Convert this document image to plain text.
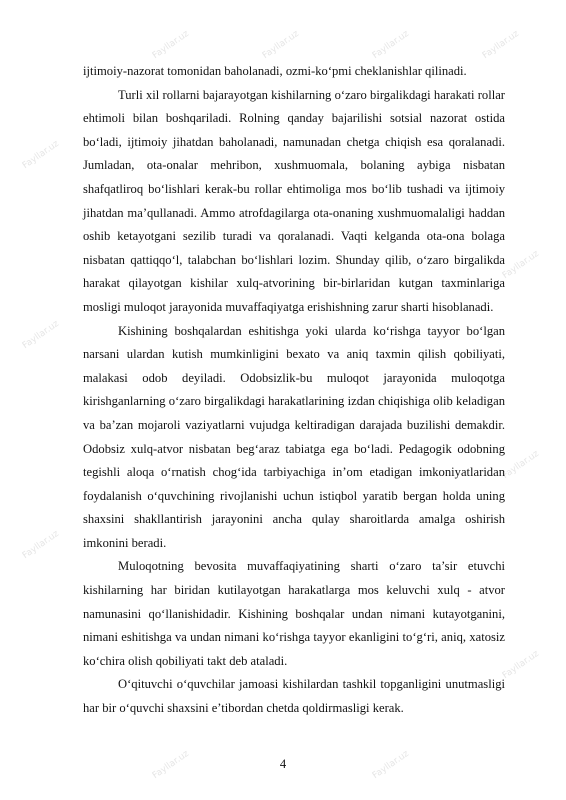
Fayllar.uz	Fayllar.uz	Fayllar.uz	Fayllar.uz
Fayllar.uz
Fayllar.uz
Fayllar.uz
Fayllar.uz
Fayllar.uz
Fayllar.uz
Fayllar.uz	Fayllar.uz

ijtimoiy-nazorat tomonidan baholanadi, ozmi-ko‘pmi cheklanishlar qilinadi.

Turli xil rollarni bajarayotgan kishilarning o‘zaro birgalikdagi harakati rollar ehtimoli bilan boshqariladi. Rolning qanday bajarilishi sotsial nazorat ostida bo‘ladi, ijtimoiy jihatdan baholanadi, namunadan chetga chiqish esa qoralanadi. Jumladan, ota-onalar mehribon, xushmuomala, bolaning aybiga nisbatan shafqatliroq bo‘lishlari kerak-bu rollar ehtimoliga mos bo‘lib tushadi va ijtimoiy jihatdan ma’qullanadi. Ammo atrofdagilarga ota-onaning xushmuomalaligi haddan oshib ketayotgani sezilib turadi va qoralanadi. Vaqti kelganda ota-ona bolaga nisbatan qattiqqo‘l, talabchan bo‘lishlari lozim. Shunday qilib, o‘zaro birgalikda harakat qilayotgan kishilar xulq-atvorining bir-birlaridan kutgan taxminlariga mosligi muloqot jarayonida muvaffaqiyatga erishishning zarur sharti hisoblanadi.

Kishining boshqalardan eshitishga yoki ularda ko‘rishga tayyor bo‘lgan narsani ulardan kutish mumkinligini bexato va aniq taxmin qilish qobiliyati, malakasi odob deyiladi. Odobsizlik-bu muloqot jarayonida muloqotga kirishganlarning o‘zaro birgalikdagi harakatlarining izdan chiqishiga olib keladigan va ba’zan mojaroli vaziyatlarni vujudga keltiradigan darajada buzilishi demakdir. Odobsiz xulq-atvor nisbatan beg‘araz tabiatga ega bo‘ladi. Pedagogik odobning tegishli aloqa o‘rnatish chog‘ida tarbiyachiga in’om etadigan imkoniyatlaridan foydalanish o‘quvchining rivojlanishi uchun istiqbol yaratib bergan holda uning shaxsini shakllantirish jarayonini ancha qulay sharoitlarda amalga oshirish imkonini beradi.

Muloqotning bevosita muvaffaqiyatining sharti o‘zaro ta’sir etuvchi kishilarning har biridan kutilayotgan harakatlarga mos keluvchi xulq - atvor namunasini qo‘llanishidadir. Kishining boshqalar undan nimani kutayotganini, nimani eshitishga va undan nimani ko‘rishga tayyor ekanligini to‘g‘ri, aniq, xatosiz ko‘chira olish qobiliyati takt deb ataladi.

O‘qituvchi o‘quvchilar jamoasi kishilardan tashkil topganligini unutmasligi har bir o‘quvchi shaxsini e’tibordan chetda qoldirmasligi kerak.

4
